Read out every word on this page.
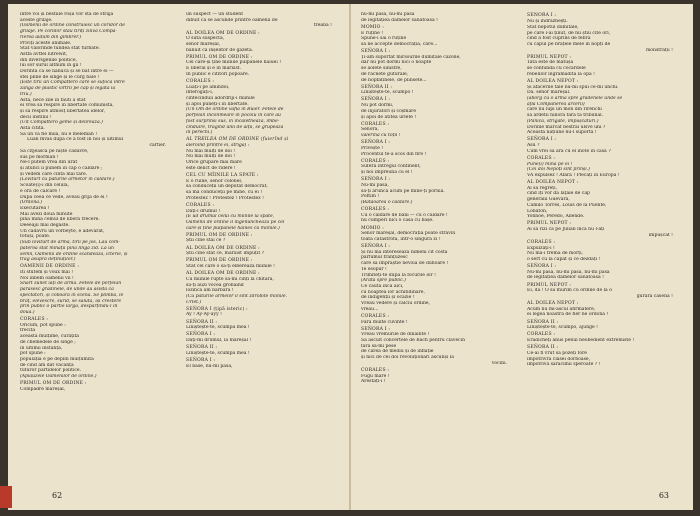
între voi și bestiile roșii vor sta de strajă
aceste grilaje.
(Oamenii de ordine construiesc un coridor de
grilaje. Pe coridor stau tirîți ziliva Compa-
rierea aidum din gimbrer.)
Priviți aceste animale.
Stat valorinde fundea stat turbate.
Astfa avtfel lutrewit,
din diversgenile politice,
lui sor surul althum în gîi !
Dorinta că se nanucă și se bat intre ei —
stei pline de singe și le curg bale !
(Este tîrîi un Compattero care se sufocă între
zanga de plastic vîrtrîi pe cap și legată la
triu.)
Asta, nece zile în făuti a stat
ei vrea să respire în libertate comunistă,
și să respire atmosț libertatea idelor,
decii instinii !
(Uit Compattero geme și delirează.)
Asta citită.
Să un vă fie milă, nu e meleman !
Luan mvas după ce a fost în noi și ultimul
cartier.
Să cîtjească pe niște cadavre,
sus pe morman !
Ne-l putem vrea din urat
și atunci îi punem în cap o căldare ;
și vedem care cîntă mai tare.
(Loviturt cu paturile armetor în căldare.)
Scoate(i)-i din celulă,
e ora de calcare !
După ceea ce vede, aveau grijă de ei !
(Ordonă.)
Executarea !
Mai avezi doua minute
pînă mînă cemul de liberă trecere.
Deeeajii mai degaste.
Un cadavru un vorbeyte, e adevărat,
totuși, poate.
(Sub loviturt de armă, tîrîi pe jos, Lau com-
pateroa stat mînații pînă lîngă zid. La un
semn, Oamenii de ordine scandează, icterie, și
trag asupra deținuților.)
OAMENII DE ORDINE :
Iti stutem și voux mai !
Noi înbem oamenii vii !
Snart sunet iați de armă. Fetele de porfelan
pârăsesc grădinele, de unde au asista ca
spectatori, și coboară în scenă. Se plimbă, le
braț, elevescre, surîd, se salută, își crestere
prin public o părtie largă, despărțindu-l în
două.)
CORALES :
Oricum, pot spune :
frecită
aceastä mulțime, curățită
de chemedele de singe ;
în ultimii instanță,
pot spune :
populația e pe deplin mulțumită
de cînd am dat vacanță
tuturor partidelor politice.
(Aplauzele Oamenilor de ordine.)
PRIMUL OM DE ORDINE :
Compadre mareșal,
un suspect — un student
dibuit că se ascunde printre oamenii de
treabă !
AL DOILEA OM DE ORDINE :
O sută suspectă,
señor mareșal,
bănuit ca înșelitor de gazetă.
PRIMUL OM DE ORDINE :
Cel care-și ține mîinile pulpanele haiuei !
E liberal și e în marxist.
În public e cîtitori popoare.
CORALES :
Luați-i pe amîndoi,
interogați-i,
cîntecinduii adordriji-i mîinile
și apoi puneți-i în libertate.
(Un Om de ordine vaflă in Buier. Fetele de
porfelan înconmeare în pocoiu în care au
fost surprinsi sus, în încăletnează, îmbe-
cinduire, trăgînd unii de alții, se grupează
în perechi.)
AL TREILEA OM DE ORDINE (fuierînd și
aleroind printre ei, strigă) :
Nu mai mulți de doi !
Nu mai mulți de doi !
Orice grupare mai mare
este delict de ridere !
CEL CU MÎINILE LA SPATE :
E o ruine, señor colonel,
să conduceții un deputat democrat,
să mă conduceții pe mine, cu ei !
Protestez ! Protestez ! Protestez !
CORALES :
Dați-i drumul !
(E ud drumul celui cu mîinile la spate,
Oamenii de ordine îl îngenunchează pe cel
care-și ține pulpanele haines cu mîinile.)
PRIMUL OM DE ORDINE :
Știi cine stai ce ?
AL DOILEA OM DE ORDINE :
Știi cine stat ce, marxist împuțit ?
PRIMUL OM DE ORDINE :
Stat cel care o să-ți elberează mîinile !
AL DOILEA OM DE ORDINE :
Cu mîinile rupte să-mi cînți la chitară,
să-ți auzi vocea grohăind
lozinca am barbară !
(Cu paturile armelor îl sînt zdrobite mîinile.
Urlet.)
SEÑORA I (țipă isteric) :
Ay ! Ay-Ay-ayy !
SEÑORA II :
Liniștește-te, scumpa mea !
SEÑORA I :
Dați-mi drumul, la mareșal !
SEÑORA II :
Liniștește-te, scumpa mea !
SEÑORA I :
El băse, nu-mi pasă,
62
nu-mi pasă, nu-mi pasă
de legitățiea damelor sănătoasă !
MOMIO :
E ruține !
Spune-i săi o ruține
să ne accepte democrația, care...
SEÑORA I :
Ți-am suportat mîrsourile dumitale cazone,
dar nu pot dormi nici o noapte
se aolete sinistre,
de răcnete guturale,
de hopfatînele, de plînsete...
SEÑORA II :
Liniștește-te, scumpo !
SEÑORA I :
Nu pot dormi,
de injuratori și coșmare
și apoi de atîtea urlete !
CORALES :
Señora,
valerina cu toții !
SEÑORA I :
Privește !
Procentul te-a scos din fire !
CORALES :
Suferă întregul continent,
și noi împreună cu el !
SEÑORA I :
Nu-mi pasă,
să-ți aruncă acum pe mine-ți pornia.
Poftim !
(Bătăoarea o căldare.)
CORALES :
Cu o căldare de bani — cu o căldare !
nu cumperi nici o casă cu bașe.
MOMIO :
Señor mareșal, democrația poate străvili
toată catastrofa, într-o singură zi !
SEÑORA I :
Și nu mă interesează nimeni cît costă
parfumul franțuzesc
care să împrăștie nevoia de duhoare !
Te esopur !
Trimiteți-te după la focurile lor !
(Arată spre public.)
Ce caută încă aici,
cu noaptea lor achitidinare,
de indigenții și ocazie !
Vreau vedere și călciu ordine,
vreau...
CORALES :
Fără multe cuvinte !
SEÑORA I :
Vreau vremurile de dinainte !
Să ascult concertele de Bach pentru clavecin
fără să-mi pese
de carea de mediu și de inflație
și nici de cei doi revoluționari ascunși la
vocini.
CORALES :
Fugu mare !
Arestați-i !
SEÑORA I :
Nu și îndrăzneșți.
Stat nepotul dumitale,
pe care l-ai ținut, de nu știu cîte ori,
cînd a fost cuprins de febră
cu capul pe brațele mele în nopți de
monstrații !
PRIMUL NEPOT :
Tata este de mătușă
se confundă cu cocardele
rebelilor îngrămădită la opă !
AL DOILEA NEPOT :
Și afacerile tale nu-mi spui ce-mi unchi.
Da. señor mareșal.
(aborg cu o armă spre gradenele unde se
află Compañerea arcerii)
care nu lupi un mon din rîrenchi
să ardetii ninoră fără ta tribunal.
(Panică, strigăte, împușcături.)
Dorinle marcaf bestrai ulsve uni ?
Această națiune nu-l suportă !
SEÑORA I :
Asu ?
Cum vrei să ara cu el înote în casă ?
CORALES :
Pune(i) mîna pe ei !
(Cei doi Nepoți sînt prinși.)
VA expulsez ! Afară ! Plecați în Europa !
AL DOILEA NEPOT :
Ai să regreți,
cînd îți vor da lățaie de cap
generalii Guevara,
Camilo Torres, Louis de la Puente,
Lobaton,
Yonnoe, Peredo, Allende.
PRIMUL NEPOT :
Ai să rîzi ca pe Julian încă nu l-ați
împușcat !
CORALES :
Expulzați-i !
Nu mă-i tremă de morți,
o sert cu la capăt și ce dezdăți !
SEÑORA I :
Nu-mi pasă, nu-mi pasă, nu-mi pasă
de legitățiea damelor sănătoasă !
PRIMUL NEPOT :
Ei, da ! O să murim cu ordine de la o
gurară casenă !
AL DOILEA NEPOT :
Acum nu mi-ascul afirmătere,
ei legea noastră de fier ne ordonă !
SEÑORA II :
Liniștește-te, scumpo, ajunge !
CORALES :
Eradicheți anus penul neobedient extremiste !
SEÑORA II :
Ce-ai fi vrut să pozeți fore
împotrivra clasei dorboase,
împotriva sărăcimii speroate ? !
63
